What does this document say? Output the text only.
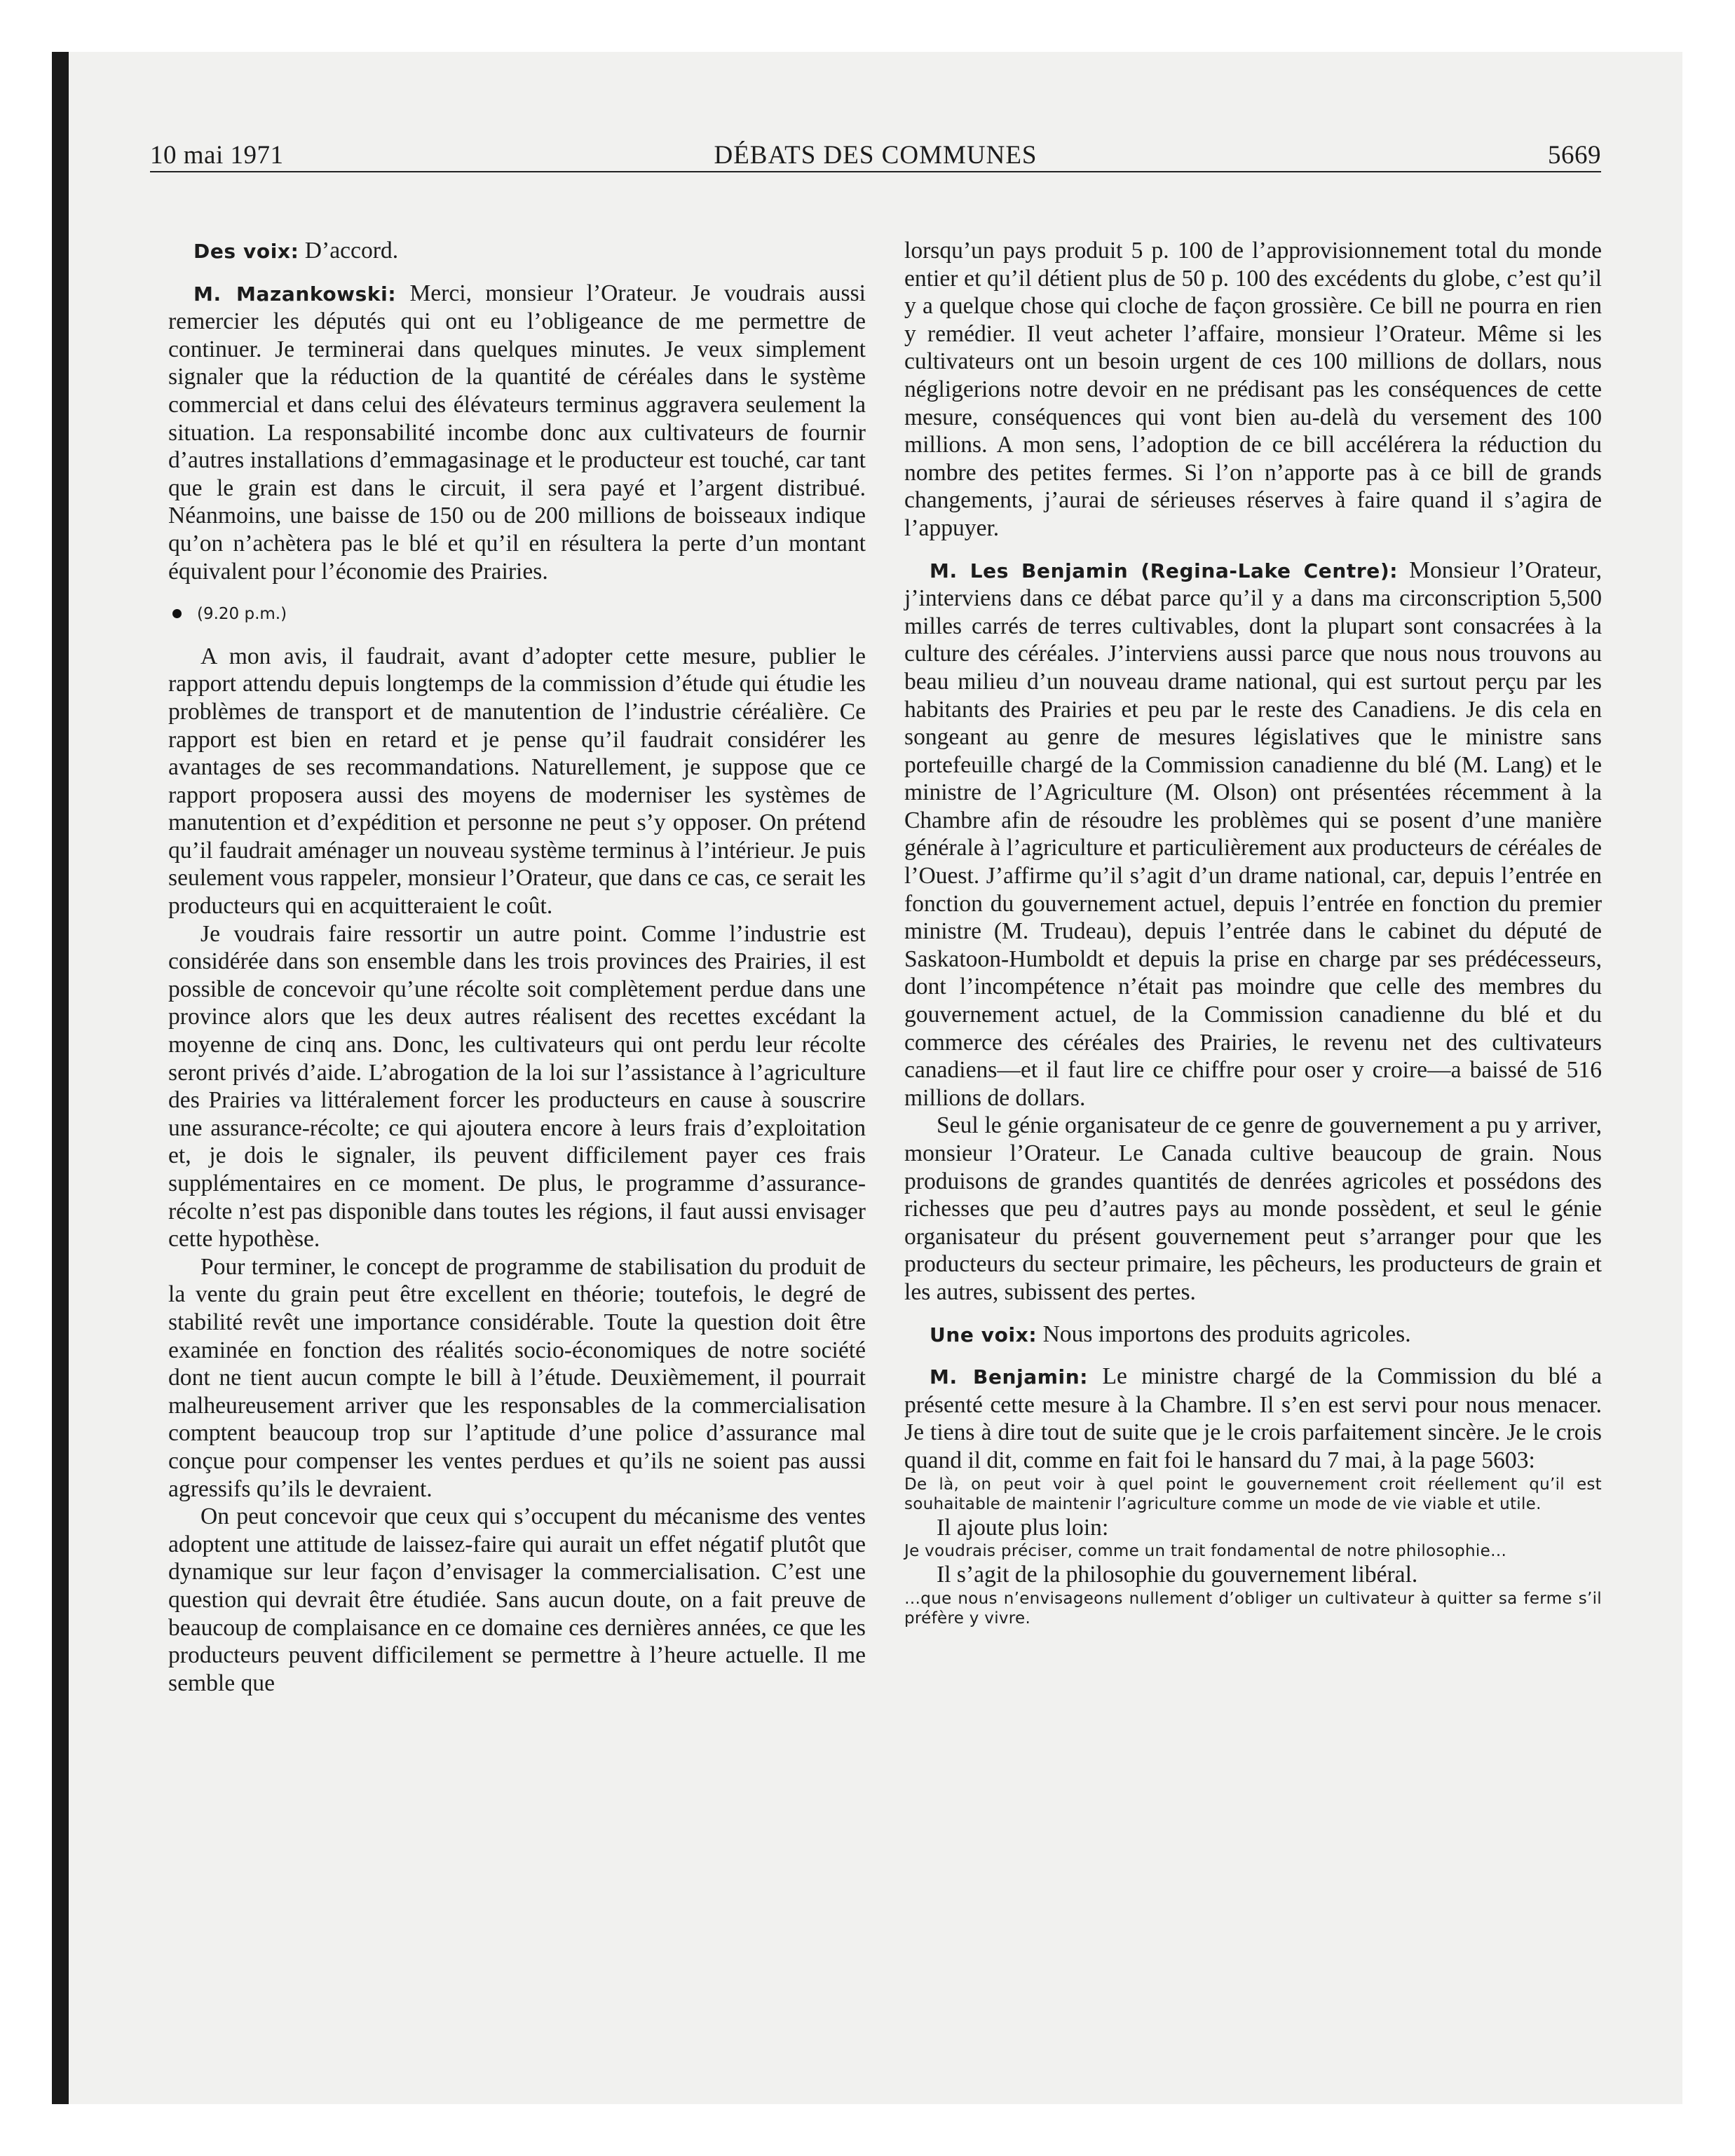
10 mai 1971	DÉBATS DES COMMUNES	5669

Des voix: D’accord.

M. Mazankowski: Merci, monsieur l’Orateur. Je voudrais aussi remercier les députés qui ont eu l’obligeance de me permettre de continuer. Je terminerai dans quelques minutes. Je veux simplement signaler que la réduction de la quantité de céréales dans le système commercial et dans celui des élévateurs terminus aggravera seulement la situation. La responsabilité incombe donc aux cultivateurs de fournir d’autres installations d’emmagasinage et le producteur est touché, car tant que le grain est dans le circuit, il sera payé et l’argent distribué. Néanmoins, une baisse de 150 ou de 200 millions de boisseaux indique qu’on n’achètera pas le blé et qu’il en résultera la perte d’un montant équivalent pour l’économie des Prairies.

(9.20 p.m.)

A mon avis, il faudrait, avant d’adopter cette mesure, publier le rapport attendu depuis longtemps de la commission d’étude qui étudie les problèmes de transport et de manutention de l’industrie céréalière. Ce rapport est bien en retard et je pense qu’il faudrait considérer les avantages de ses recommandations. Naturellement, je suppose que ce rapport proposera aussi des moyens de moderniser les systèmes de manutention et d’expédition et personne ne peut s’y opposer. On prétend qu’il faudrait aménager un nouveau système terminus à l’intérieur. Je puis seulement vous rappeler, monsieur l’Orateur, que dans ce cas, ce serait les producteurs qui en acquitteraient le coût.

Je voudrais faire ressortir un autre point. Comme l’industrie est considérée dans son ensemble dans les trois provinces des Prairies, il est possible de concevoir qu’une récolte soit complètement perdue dans une province alors que les deux autres réalisent des recettes excédant la moyenne de cinq ans. Donc, les cultivateurs qui ont perdu leur récolte seront privés d’aide. L’abrogation de la loi sur l’assistance à l’agriculture des Prairies va littéralement forcer les producteurs en cause à souscrire une assurance-récolte; ce qui ajoutera encore à leurs frais d’exploitation et, je dois le signaler, ils peuvent difficilement payer ces frais supplémentaires en ce moment. De plus, le programme d’assurance-récolte n’est pas disponible dans toutes les régions, il faut aussi envisager cette hypothèse.

Pour terminer, le concept de programme de stabilisation du produit de la vente du grain peut être excellent en théorie; toutefois, le degré de stabilité revêt une importance considérable. Toute la question doit être examinée en fonction des réalités socio-économiques de notre société dont ne tient aucun compte le bill à l’étude. Deuxièmement, il pourrait malheureusement arriver que les responsables de la commercialisation comptent beaucoup trop sur l’aptitude d’une police d’assurance mal conçue pour compenser les ventes perdues et qu’ils ne soient pas aussi agressifs qu’ils le devraient.

On peut concevoir que ceux qui s’occupent du mécanisme des ventes adoptent une attitude de laissez-faire qui aurait un effet négatif plutôt que dynamique sur leur façon d’envisager la commercialisation. C’est une question qui devrait être étudiée. Sans aucun doute, on a fait preuve de beaucoup de complaisance en ce domaine ces dernières années, ce que les producteurs peuvent difficilement se permettre à l’heure actuelle. Il me semble que

lorsqu’un pays produit 5 p. 100 de l’approvisionnement total du monde entier et qu’il détient plus de 50 p. 100 des excédents du globe, c’est qu’il y a quelque chose qui cloche de façon grossière. Ce bill ne pourra en rien y remédier. Il veut acheter l’affaire, monsieur l’Orateur. Même si les cultivateurs ont un besoin urgent de ces 100 millions de dollars, nous négligerions notre devoir en ne prédisant pas les conséquences de cette mesure, conséquences qui vont bien au-delà du versement des 100 millions. A mon sens, l’adoption de ce bill accélérera la réduction du nombre des petites fermes. Si l’on n’apporte pas à ce bill de grands changements, j’aurai de sérieuses réserves à faire quand il s’agira de l’appuyer.

M. Les Benjamin (Regina-Lake Centre): Monsieur l’Orateur, j’interviens dans ce débat parce qu’il y a dans ma circonscription 5,500 milles carrés de terres cultivables, dont la plupart sont consacrées à la culture des céréales. J’interviens aussi parce que nous nous trouvons au beau milieu d’un nouveau drame national, qui est surtout perçu par les habitants des Prairies et peu par le reste des Canadiens. Je dis cela en songeant au genre de mesures législatives que le ministre sans portefeuille chargé de la Commission canadienne du blé (M. Lang) et le ministre de l’Agriculture (M. Olson) ont présentées récemment à la Chambre afin de résoudre les problèmes qui se posent d’une manière générale à l’agriculture et particulièrement aux producteurs de céréales de l’Ouest. J’affirme qu’il s’agit d’un drame national, car, depuis l’entrée en fonction du gouvernement actuel, depuis l’entrée en fonction du premier ministre (M. Trudeau), depuis l’entrée dans le cabinet du député de Saskatoon-Humboldt et depuis la prise en charge par ses prédécesseurs, dont l’incompétence n’était pas moindre que celle des membres du gouvernement actuel, de la Commission canadienne du blé et du commerce des céréales des Prairies, le revenu net des cultivateurs canadiens—et il faut lire ce chiffre pour oser y croire—a baissé de 516 millions de dollars.

Seul le génie organisateur de ce genre de gouvernement a pu y arriver, monsieur l’Orateur. Le Canada cultive beaucoup de grain. Nous produisons de grandes quantités de denrées agricoles et possédons des richesses que peu d’autres pays au monde possèdent, et seul le génie organisateur du présent gouvernement peut s’arranger pour que les producteurs du secteur primaire, les pêcheurs, les producteurs de grain et les autres, subissent des pertes.

Une voix: Nous importons des produits agricoles.

M. Benjamin: Le ministre chargé de la Commission du blé a présenté cette mesure à la Chambre. Il s’en est servi pour nous menacer. Je tiens à dire tout de suite que je le crois parfaitement sincère. Je le crois quand il dit, comme en fait foi le hansard du 7 mai, à la page 5603:

De là, on peut voir à quel point le gouvernement croit réellement qu’il est souhaitable de maintenir l’agriculture comme un mode de vie viable et utile.

Il ajoute plus loin:

Je voudrais préciser, comme un trait fondamental de notre philosophie…

Il s’agit de la philosophie du gouvernement libéral.

…que nous n’envisageons nullement d’obliger un cultivateur à quitter sa ferme s’il préfère y vivre.
